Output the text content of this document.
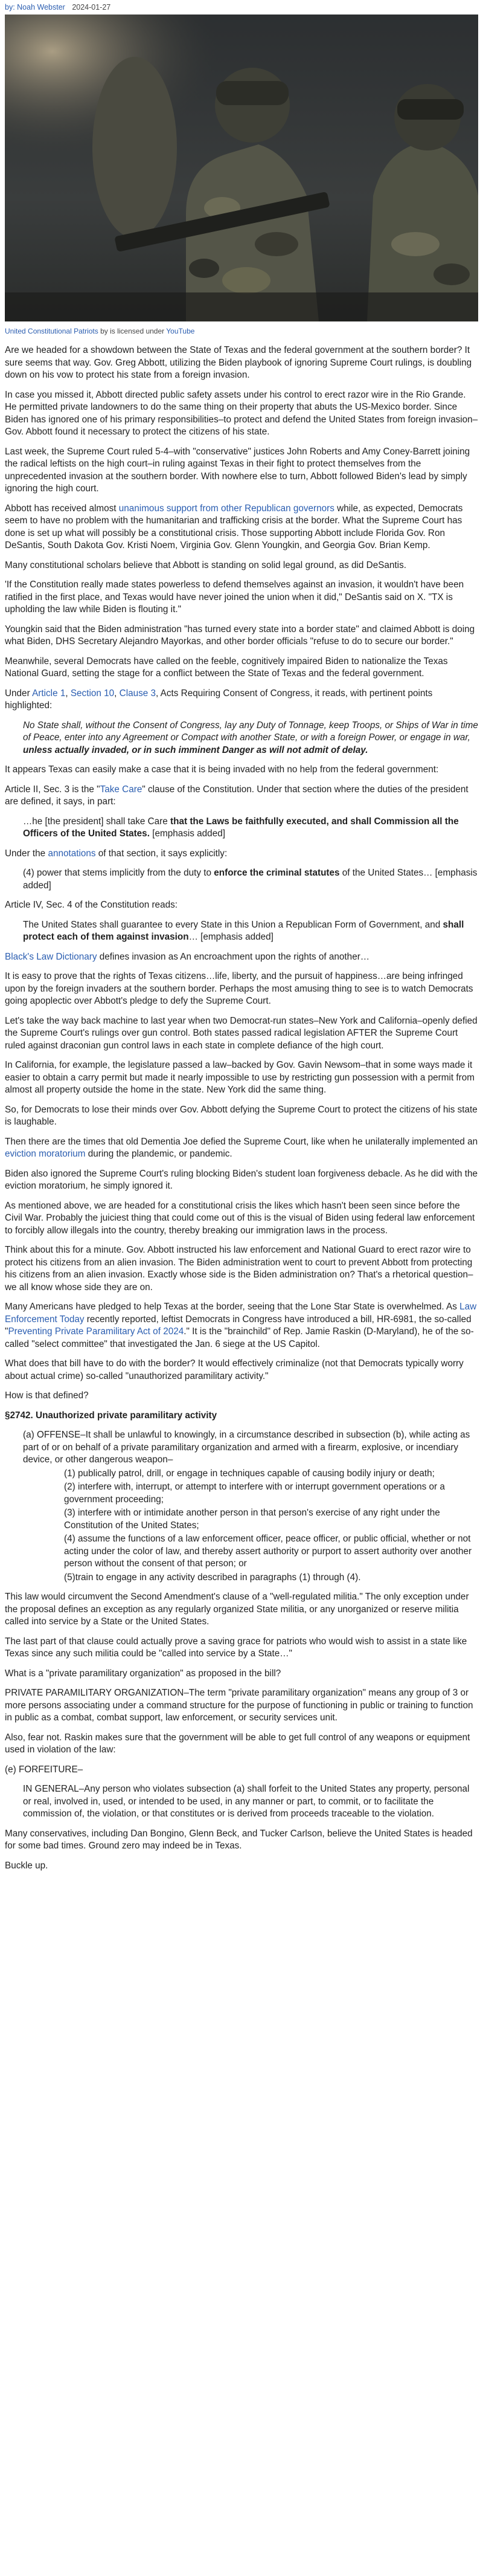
by: Noah Webster 2024-01-27
United Constitutional Patriots by is licensed under YouTube

Are we headed for a showdown between the State of Texas and the federal government at the southern border? It sure seems that way. Gov. Greg Abbott, utilizing the Biden playbook of ignoring Supreme Court rulings, is doubling down on his vow to protect his state from a foreign invasion.

In case you missed it, Abbott directed public safety assets under his control to erect razor wire in the Rio Grande. He permitted private landowners to do the same thing on their property that abuts the US-Mexico border. Since Biden has ignored one of his primary responsibilities–to protect and defend the United States from foreign invasion–Gov. Abbott found it necessary to protect the citizens of his state.

Last week, the Supreme Court ruled 5-4–with "conservative" justices John Roberts and Amy Coney-Barrett joining the radical leftists on the high court–in ruling against Texas in their fight to protect themselves from the unprecedented invasion at the southern border. With nowhere else to turn, Abbott followed Biden's lead by simply ignoring the high court.

Abbott has received almost unanimous support from other Republican governors while, as expected, Democrats seem to have no problem with the humanitarian and trafficking crisis at the border. What the Supreme Court has done is set up what will possibly be a constitutional crisis. Those supporting Abbott include Florida Gov. Ron DeSantis, South Dakota Gov. Kristi Noem, Virginia Gov. Glenn Youngkin, and Georgia Gov. Brian Kemp.

Many constitutional scholars believe that Abbott is standing on solid legal ground, as did DeSantis.

'If the Constitution really made states powerless to defend themselves against an invasion, it wouldn't have been ratified in the first place, and Texas would have never joined the union when it did," DeSantis said on X. "TX is upholding the law while Biden is flouting it."

Youngkin said that the Biden administration "has turned every state into a border state" and claimed Abbott is doing what Biden, DHS Secretary Alejandro Mayorkas, and other border officials "refuse to do to secure our border."

Meanwhile, several Democrats have called on the feeble, cognitively impaired Biden to nationalize the Texas National Guard, setting the stage for a conflict between the State of Texas and the federal government.

Under Article 1, Section 10, Clause 3, Acts Requiring Consent of Congress, it reads, with pertinent points highlighted:

No State shall, without the Consent of Congress, lay any Duty of Tonnage, keep Troops, or Ships of War in time of Peace, enter into any Agreement or Compact with another State, or with a foreign Power, or engage in war, unless actually invaded, or in such imminent Danger as will not admit of delay.

It appears Texas can easily make a case that it is being invaded with no help from the federal government:

Article II, Sec. 3 is the "Take Care" clause of the Constitution. Under that section where the duties of the president are defined, it says, in part:

…he [the president] shall take Care that the Laws be faithfully executed, and shall Commission all the Officers of the United States. [emphasis added]

Under the annotations of that section, it says explicitly:

(4) power that stems implicitly from the duty to enforce the criminal statutes of the United States… [emphasis added]

Article IV, Sec. 4 of the Constitution reads:

The United States shall guarantee to every State in this Union a Republican Form of Government, and shall protect each of them against invasion… [emphasis added]

Black's Law Dictionary defines invasion as An encroachment upon the rights of another…

It is easy to prove that the rights of Texas citizens…life, liberty, and the pursuit of happiness…are being infringed upon by the foreign invaders at the southern border. Perhaps the most amusing thing to see is to watch Democrats going apoplectic over Abbott's pledge to defy the Supreme Court.

Let's take the way back machine to last year when two Democrat-run states–New York and California–openly defied the Supreme Court's rulings over gun control. Both states passed radical legislation AFTER the Supreme Court ruled against draconian gun control laws in each state in complete defiance of the high court.

In California, for example, the legislature passed a law–backed by Gov. Gavin Newsom–that in some ways made it easier to obtain a carry permit but made it nearly impossible to use by restricting gun possession with a permit from almost all property outside the home in the state. New York did the same thing.

So, for Democrats to lose their minds over Gov. Abbott defying the Supreme Court to protect the citizens of his state is laughable.

Then there are the times that old Dementia Joe defied the Supreme Court, like when he unilaterally implemented an eviction moratorium during the plandemic, or pandemic.

Biden also ignored the Supreme Court's ruling blocking Biden's student loan forgiveness debacle. As he did with the eviction moratorium, he simply ignored it.

As mentioned above, we are headed for a constitutional crisis the likes which hasn't been seen since before the Civil War. Probably the juiciest thing that could come out of this is the visual of Biden using federal law enforcement to forcibly allow illegals into the country, thereby breaking our immigration laws in the process.

Think about this for a minute. Gov. Abbott instructed his law enforcement and National Guard to erect razor wire to protect his citizens from an alien invasion. The Biden administration went to court to prevent Abbott from protecting his citizens from an alien invasion. Exactly whose side is the Biden administration on? That's a rhetorical question–we all know whose side they are on.

Many Americans have pledged to help Texas at the border, seeing that the Lone Star State is overwhelmed. As Law Enforcement Today recently reported, leftist Democrats in Congress have introduced a bill, HR-6981, the so-called "Preventing Private Paramilitary Act of 2024." It is the "brainchild" of Rep. Jamie Raskin (D-Maryland), he of the so-called "select committee" that investigated the Jan. 6 siege at the US Capitol.

What does that bill have to do with the border? It would effectively criminalize (not that Democrats typically worry about actual crime) so-called "unauthorized paramilitary activity."

How is that defined?

§2742. Unauthorized private paramilitary activity

(a) OFFENSE–It shall be unlawful to knowingly, in a circumstance described in subsection (b), while acting as part of or on behalf of a private paramilitary organization and armed with a firearm, explosive, or incendiary device, or other dangerous weapon–

(1) publically patrol, drill, or engage in techniques capable of causing bodily injury or death;

(2) interfere with, interrupt, or attempt to interfere with or interrupt government operations or a government proceeding;

(3) interfere with or intimidate another person in that person's exercise of any right under the Constitution of the United States;

(4) assume the functions of a law enforcement officer, peace officer, or public official, whether or not acting under the color of law, and thereby assert authority or purport to assert authority over another person without the consent of that person; or

(5)train to engage in any activity described in paragraphs (1) through (4).

This law would circumvent the Second Amendment's clause of a "well-regulated militia." The only exception under the proposal defines an exception as any regularly organized State militia, or any unorganized or reserve militia called into service by a State or the United States.

The last part of that clause could actually prove a saving grace for patriots who would wish to assist in a state like Texas since any such militia could be "called into service by a State…"

What is a "private paramilitary organization" as proposed in the bill?

PRIVATE PARAMILITARY ORGANIZATION–The term "private paramilitary organization" means any group of 3 or more persons associating under a command structure for the purpose of functioning in public or training to function in public as a combat, combat support, law enforcement, or security services unit.

Also, fear not. Raskin makes sure that the government will be able to get full control of any weapons or equipment used in violation of the law:

(e) FORFEITURE–

IN GENERAL–Any person who violates subsection (a) shall forfeit to the United States any property, personal or real, involved in, used, or intended to be used, in any manner or part, to commit, or to facilitate the commission of, the violation, or that constitutes or is derived from proceeds traceable to the violation.

Many conservatives, including Dan Bongino, Glenn Beck, and Tucker Carlson, believe the United States is headed for some bad times. Ground zero may indeed be in Texas.

Buckle up.
